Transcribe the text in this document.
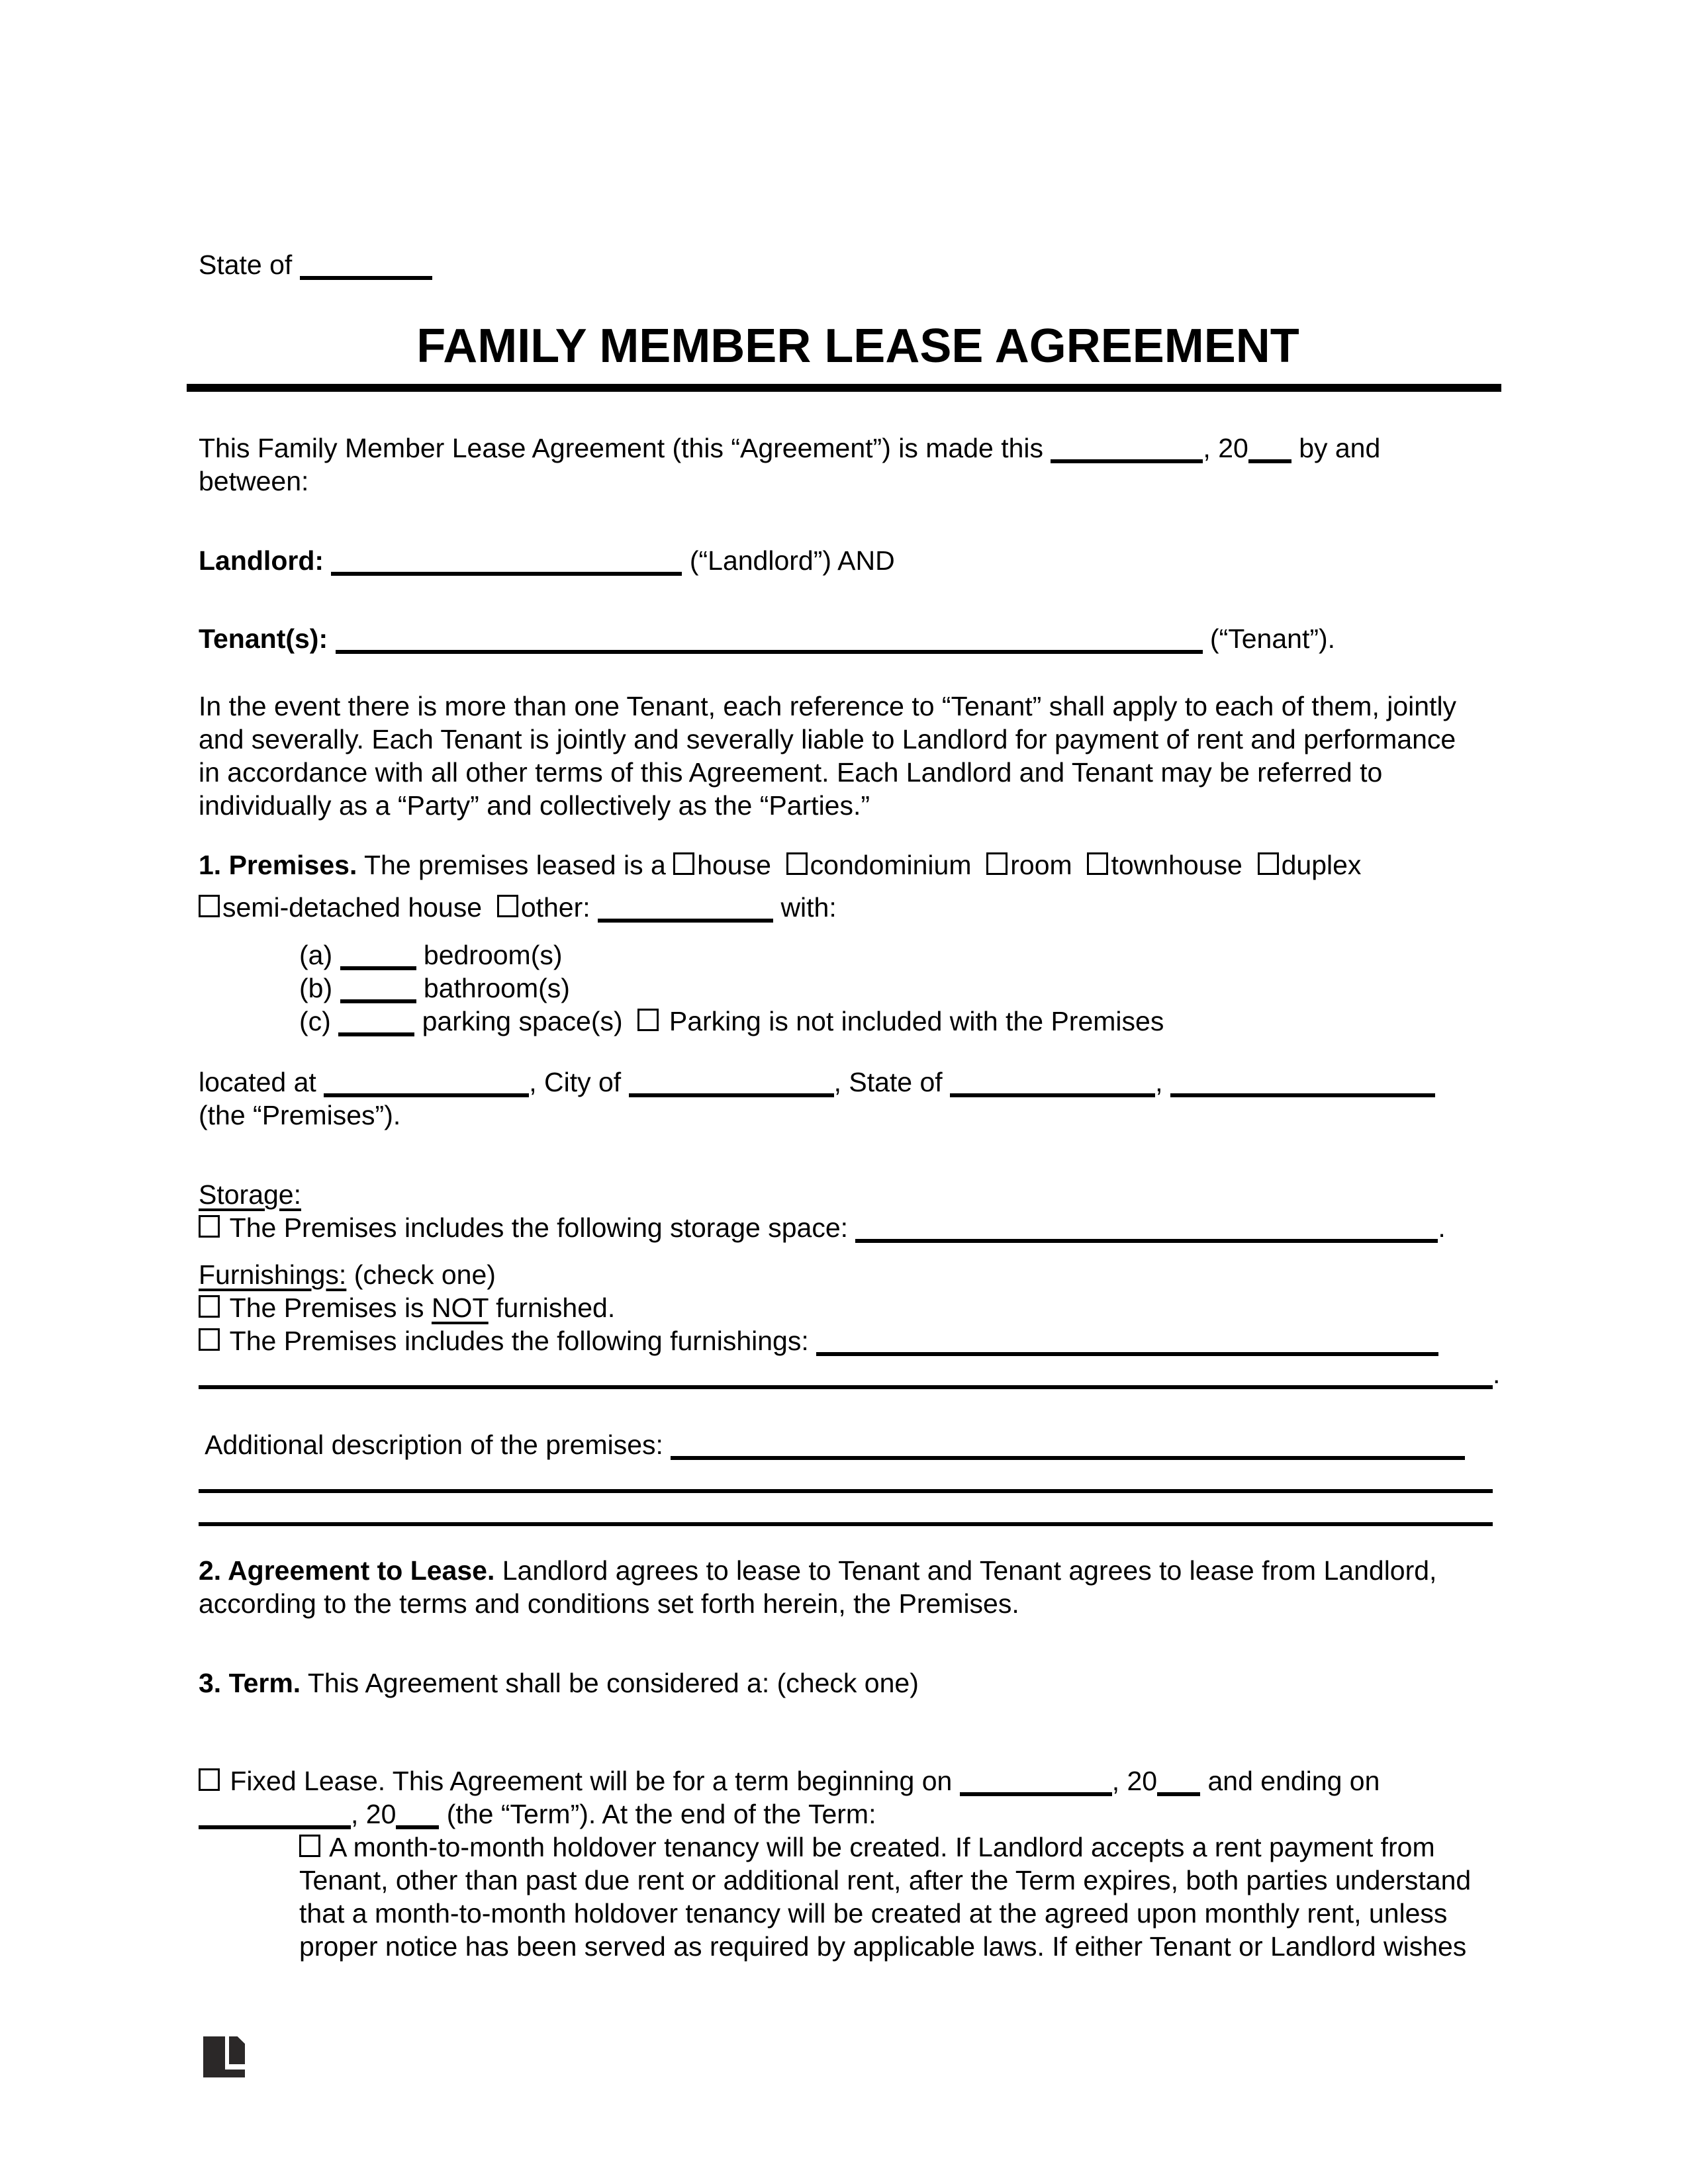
State of
FAMILY MEMBER LEASE AGREEMENT
This Family Member Lease Agreement (this “Agreement”) is made this	, 20 by and
between:
Landlord:	(“Landlord”) AND
Tenant(s):	(“Tenant”).
In the event there is more than one Tenant, each reference to “Tenant” shall apply to each of them, jointly
and severally. Each Tenant is jointly and severally liable to Landlord for payment of rent and performance
in accordance with all other terms of this Agreement. Each Landlord and Tenant may be referred to
individually as a “Party” and collectively as the “Parties.”
1. Premises. The premises leased is a house  condominium  room  townhouse  duplex
semi-detached house  other:	with:
(a)	bedroom(s)
(b)	bathroom(s)
(c)	parking space(s)   Parking is not included with the Premises
located at	, City of	, State of	,
(the “Premises”).
Storage:
The Premises includes the following storage space:	.
Furnishings: (check one)
The Premises is NOT furnished.
The Premises includes the following furnishings:
.
Additional description of the premises:
2. Agreement to Lease. Landlord agrees to lease to Tenant and Tenant agrees to lease from Landlord,
according to the terms and conditions set forth herein, the Premises.
3. Term. This Agreement shall be considered a: (check one)
Fixed Lease. This Agreement will be for a term beginning on	, 20 and ending on
, 20 (the “Term”). At the end of the Term:
A month-to-month holdover tenancy will be created. If Landlord accepts a rent payment from
Tenant, other than past due rent or additional rent, after the Term expires, both parties understand
that a month-to-month holdover tenancy will be created at the agreed upon monthly rent, unless
proper notice has been served as required by applicable laws. If either Tenant or Landlord wishes
